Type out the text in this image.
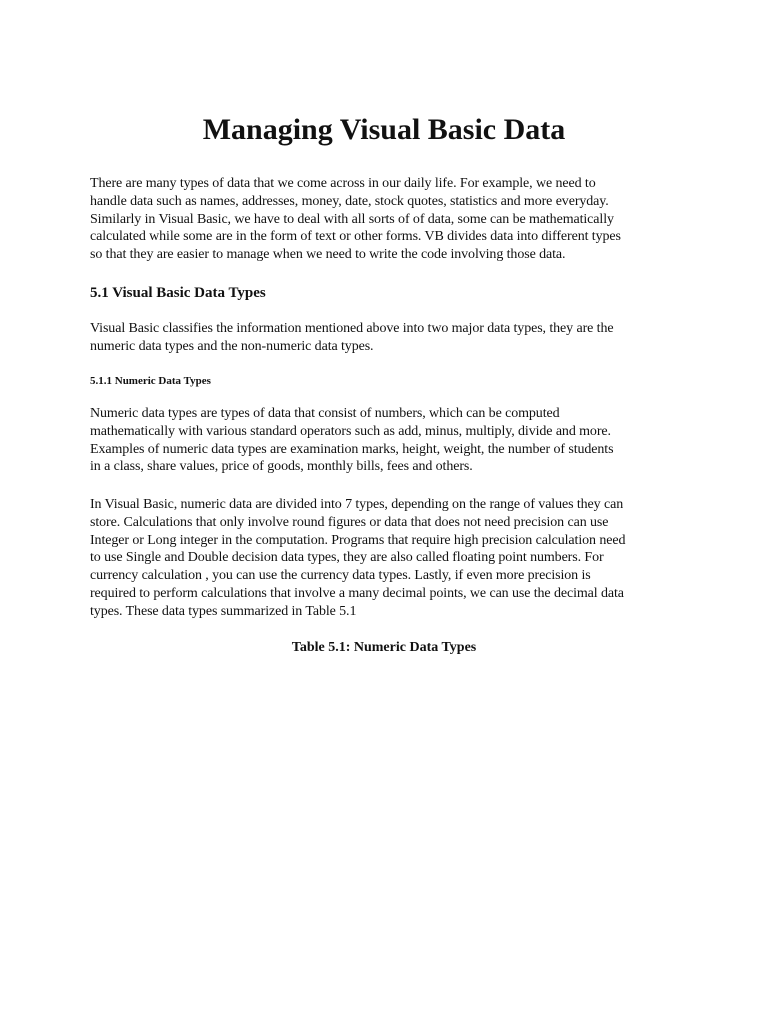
Managing Visual Basic Data

There are many types of data that we come across in our daily life. For example, we need to
handle data such as names, addresses, money, date, stock quotes, statistics and more everyday.
Similarly in Visual Basic, we have to deal with all sorts of of data, some can be mathematically
calculated while some are in the form of text or other forms. VB divides data into different types
so that they are easier to manage when we need to write the code involving those data.

5.1 Visual Basic Data Types

Visual Basic classifies the information mentioned above into two major data types, they are the
numeric data types and the non-numeric data types.

5.1.1 Numeric Data Types

Numeric data types are types of data that consist of numbers, which can be computed
mathematically with various standard operators such as add, minus, multiply, divide and more.
Examples of numeric data types are examination marks, height, weight, the number of students
in a class, share values, price of goods, monthly bills, fees and others.

In Visual Basic, numeric data are divided into 7 types, depending on the range of values they can
store. Calculations that only involve round figures or data that does not need precision can use
Integer or Long integer in the computation. Programs that require high precision calculation need
to use Single and Double decision data types, they are also called floating point numbers. For
currency calculation , you can use the currency data types. Lastly, if even more precision is
required to perform calculations that involve a many decimal points, we can use the decimal data
types. These data types summarized in Table 5.1

Table 5.1: Numeric Data Types
